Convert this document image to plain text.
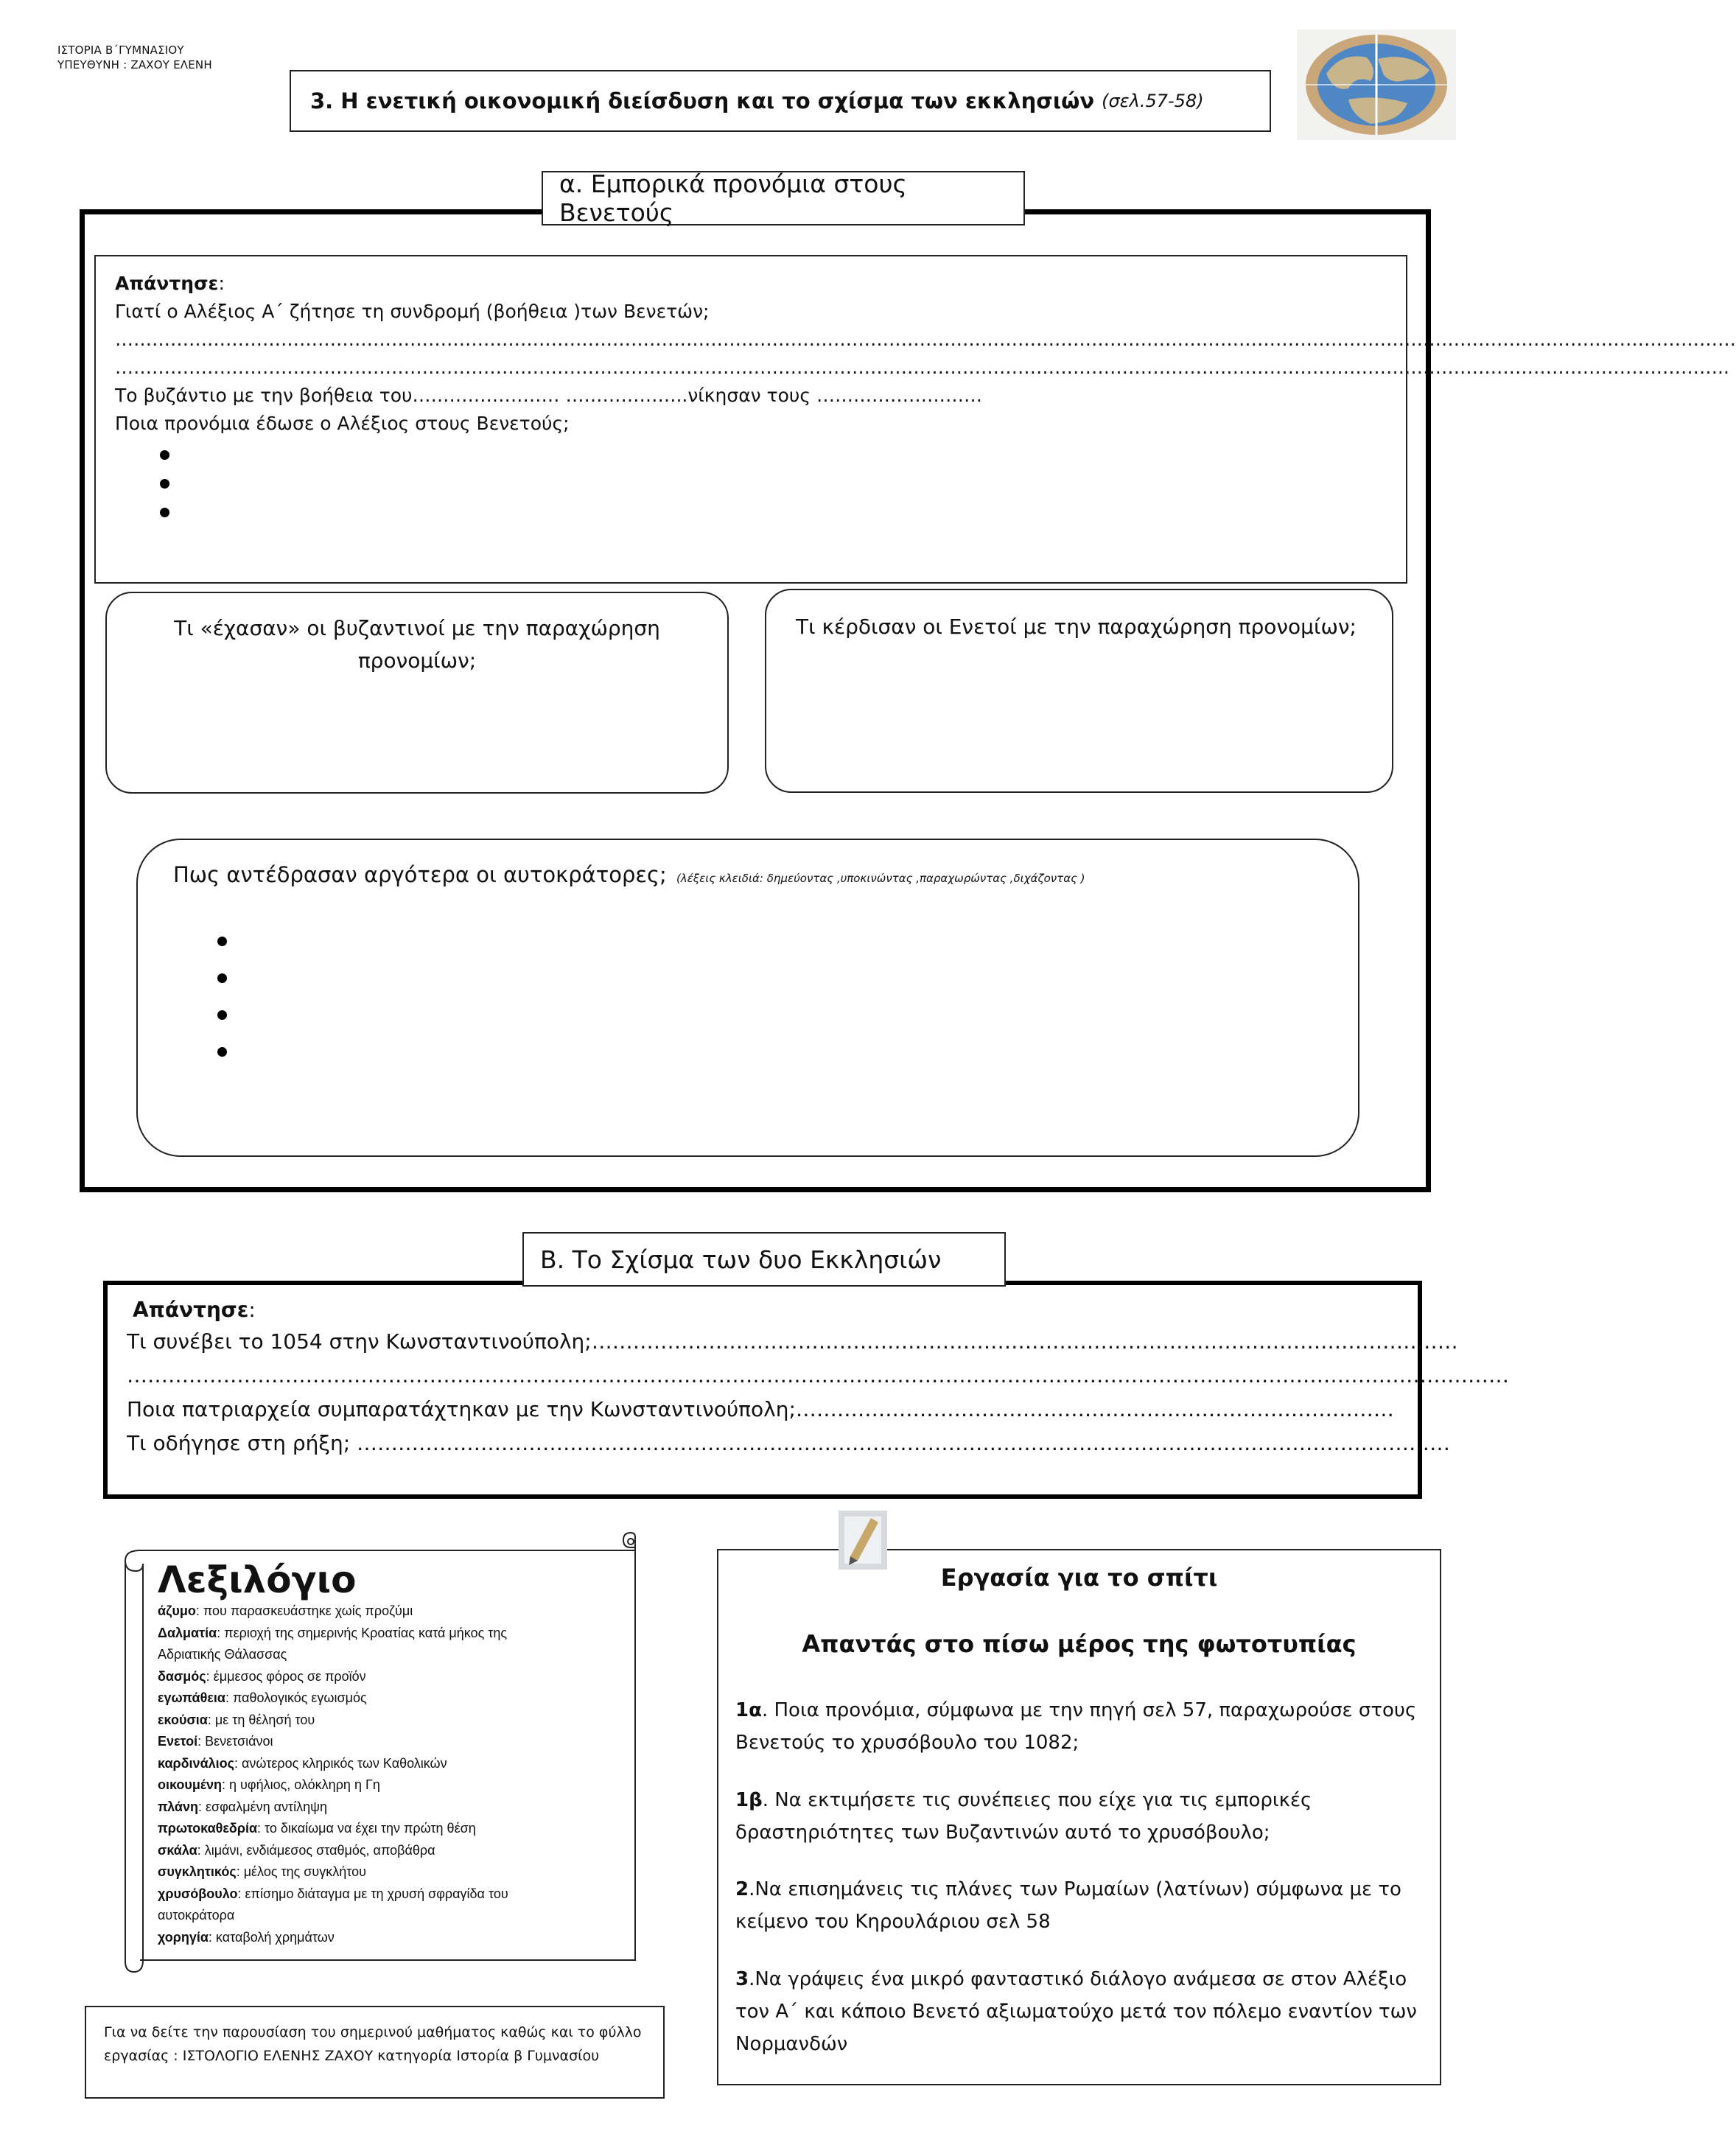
ΙΣΤΟΡΙΑ Β΄ΓΥΜΝΑΣΙΟΥ
ΥΠΕΥΘΥΝΗ : ΖΑΧΟΥ ΕΛΕΝΗ
3. Η ενετική οικονομική διείσδυση και το σχίσμα των εκκλησιών (σελ.57-58)
α. Εμπορικά προνόμια στους Βενετούς
Απάντησε:
Γιατί ο Αλέξιος Α΄ ζήτησε τη συνδρομή (βοήθεια )των Βενετών;
…………………………………………………………………………………………………………………………………………………………………………………………………………………………………………
………………………………………………………………………………………………………………………………………………………………………………………………………………………………………..
Το βυζάντιο με την βοήθεια του…………………… ………………..νίκησαν τους ………………………
Ποια προνόμια έδωσε ο Αλέξιος στους Βενετούς;
Τι «έχασαν» οι βυζαντινοί με την παραχώρηση προνομίων;
Τι κέρδισαν οι Ενετοί με την παραχώρηση προνομίων;
Πως αντέδρασαν αργότερα οι αυτοκράτορες; (λέξεις κλειδιά: δημεύοντας ,υποκινώντας ,παραχωρώντας ,διχάζοντας )
Β. Το Σχίσμα των δυο Εκκλησιών
Απάντησε:
Τι συνέβει το 1054 στην Κωνσταντινούπολη;………………………………………………………………………………………………………………
…………………………………………………………………………………………………………………………………………………………………………………
Ποια πατριαρχεία συμπαρατάχτηκαν με την Κωνσταντινούπολη;……………………………………………………………………………
Τι οδήγησε στη ρήξη; ……………………………………………………………………………………………………………………………………………
Λεξιλόγιο
άζυμο: που παρασκευάστηκε χωίς προζύμι
Δαλματία: περιοχή της σημερινής Κροατίας κατά μήκος της
Αδριατικής Θάλασσας
δασμός: έμμεσος φόρος σε προϊόν
εγωπάθεια: παθολογικός εγωισμός
εκούσια: με τη θέλησή του
Ενετοί: Βενετσιάνοι
καρδινάλιος: ανώτερος κληρικός των Καθολικών
οικουμένη: η υφήλιος, ολόκληρη η Γη
πλάνη: εσφαλμένη αντίληψη
πρωτοκαθεδρία: το δικαίωμα να έχει την πρώτη θέση
σκάλα: λιμάνι, ενδιάμεσος σταθμός, αποβάθρα
συγκλητικός: μέλος της συγκλήτου
χρυσόβουλο: επίσημο διάταγμα με τη χρυσή σφραγίδα του
αυτοκράτορα
χορηγία: καταβολή χρημάτων
Εργασία για το σπίτι
Απαντάς στο πίσω μέρος της φωτοτυπίας
1α. Ποια προνόμια, σύμφωνα με την πηγή σελ 57, παραχωρούσε στους Βενετούς το χρυσόβουλο του 1082;
1β. Να εκτιμήσετε τις συνέπειες που είχε για τις εμπορικές δραστηριότητες των Βυζαντινών αυτό το χρυσόβουλο;
2.Να επισημάνεις τις πλάνες των Ρωμαίων (λατίνων) σύμφωνα με το κείμενο του Κηρουλάριου σελ 58
3.Να γράψεις ένα μικρό φανταστικό διάλογο ανάμεσα σε στον Αλέξιο τον Α΄ και κάποιο Βενετό αξιωματούχο μετά τον πόλεμο εναντίον των Νορμανδών
Για να δείτε την παρουσίαση του σημερινού μαθήματος καθώς και το φύλλο εργασίας : ΙΣΤΟΛΟΓΙΟ ΕΛΕΝΗΣ ΖΑΧΟΥ κατηγορία Ιστορία β Γυμνασίου
